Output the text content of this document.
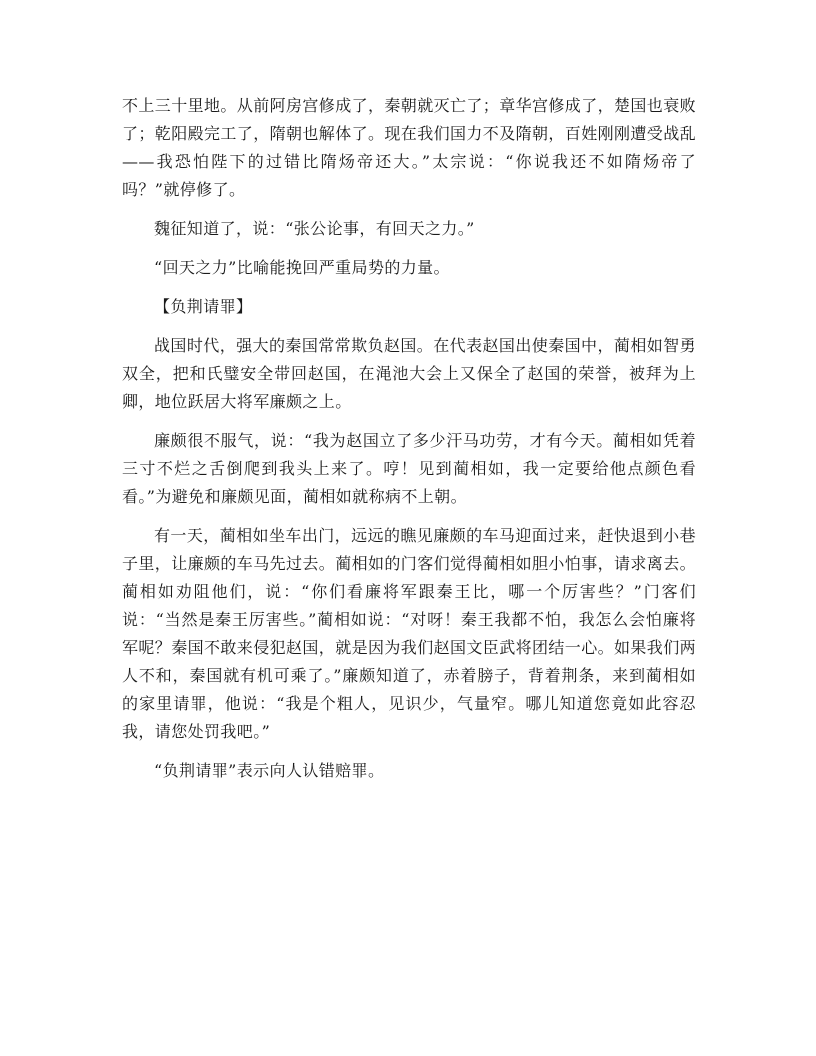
不上三十里地。从前阿房宫修成了，秦朝就灭亡了；章华宫修成了，楚国也衰败了；乾阳殿完工了，隋朝也解体了。现在我们国力不及隋朝，百姓刚刚遭受战乱——我恐怕陛下的过错比隋炀帝还大。”太宗说：“你说我还不如隋炀帝了吗？”就停修了。

魏征知道了，说：“张公论事，有回天之力。”

“回天之力”比喻能挽回严重局势的力量。

【负荆请罪】

战国时代，强大的秦国常常欺负赵国。在代表赵国出使秦国中，蔺相如智勇双全，把和氏璧安全带回赵国，在渑池大会上又保全了赵国的荣誉，被拜为上卿，地位跃居大将军廉颇之上。

廉颇很不服气，说：“我为赵国立了多少汗马功劳，才有今天。蔺相如凭着三寸不烂之舌倒爬到我头上来了。哼！见到蔺相如，我一定要给他点颜色看看。”为避免和廉颇见面，蔺相如就称病不上朝。

有一天，蔺相如坐车出门，远远的瞧见廉颇的车马迎面过来，赶快退到小巷子里，让廉颇的车马先过去。蔺相如的门客们觉得蔺相如胆小怕事，请求离去。蔺相如劝阻他们，说：“你们看廉将军跟秦王比，哪一个厉害些？”门客们说：“当然是秦王厉害些。”蔺相如说：“对呀！秦王我都不怕，我怎么会怕廉将军呢？秦国不敢来侵犯赵国，就是因为我们赵国文臣武将团结一心。如果我们两人不和，秦国就有机可乘了。”廉颇知道了，赤着膀子，背着荆条，来到蔺相如的家里请罪，他说：“我是个粗人，见识少，气量窄。哪儿知道您竟如此容忍我，请您处罚我吧。”

“负荆请罪”表示向人认错赔罪。
